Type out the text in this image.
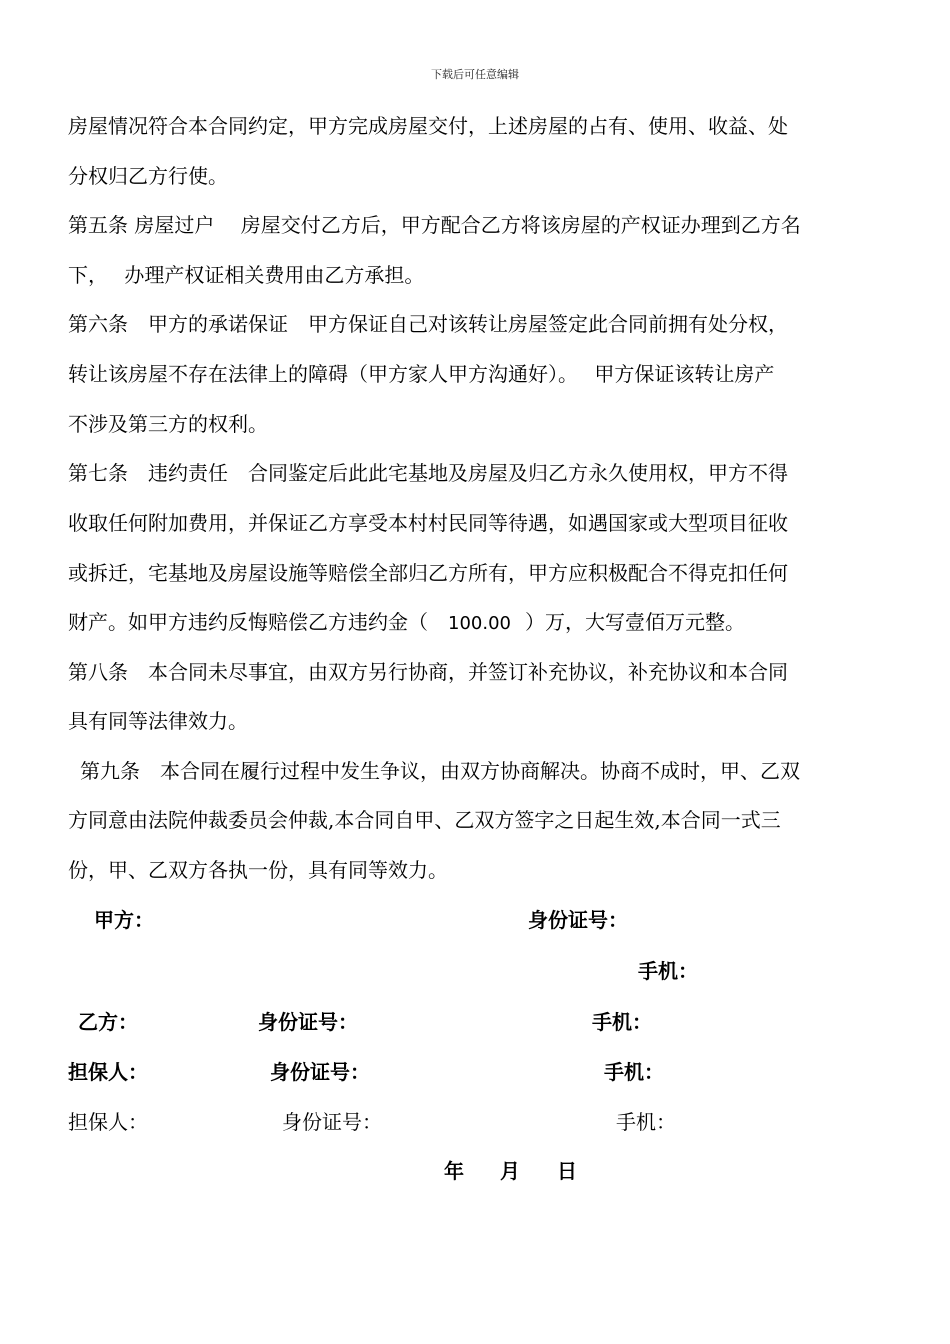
下载后可任意编辑
房屋情况符合本合同约定，甲方完成房屋交付，上述房屋的占有、使用、收益、处
分权归乙方行使。
第五条 房屋过户　 房屋交付乙方后，甲方配合乙方将该房屋的产权证办理到乙方名
下，　 办理产权证相关费用由乙方承担。
第六条　甲方的承诺保证　甲方保证自己对该转让房屋签定此合同前拥有处分权，
转让该房屋不存在法律上的障碍（甲方家人甲方沟通好）。　 甲方保证该转让房产
不涉及第三方的权利。
第七条　违约责任　合同鉴定后此此宅基地及房屋及归乙方永久使用权，甲方不得
收取任何附加费用，并保证乙方享受本村村民同等待遇，如遇国家或大型项目征收
或拆迁，宅基地及房屋设施等赔偿全部归乙方所有，甲方应积极配合不得克扣任何
财产。如甲方违约反悔赔偿乙方违约金（ 100.00 ）万，大写壹佰万元整。
第八条　本合同未尽事宜，由双方另行协商，并签订补充协议，补充协议和本合同
具有同等法律效力。
第九条　本合同在履行过程中发生争议，由双方协商解决。协商不成时，甲、乙双
方同意由法院仲裁委员会仲裁,本合同自甲、乙双方签字之日起生效,本合同一式三
份，甲、乙双方各执一份，具有同等效力。
甲方：	身份证号：
手机：
乙方：	身份证号：	手机：
担保人：	身份证号：	手机：
担保人：	身份证号：	手机：
年 月 日
